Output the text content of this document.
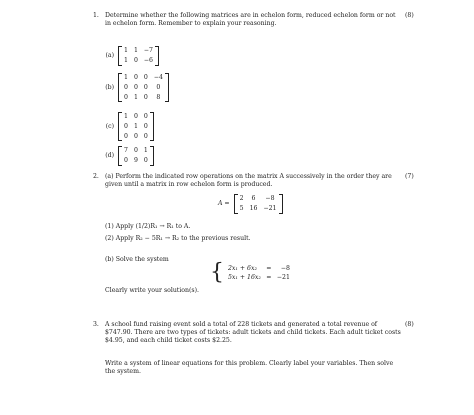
1. Determine whether the following matrices are in echelon form, reduced echelon form or not in echelon form. Remember to explain your reasoning.
(8)
(a)
1 1 −7
1 0 −6
(b)
1 0 0 −4
0 0 0	0
0 1 0	8
(c)
1 0 0
0 1 0
0 0 0
(d)
7 0 1
0 9 0
2. (a) Perform the indicated row operations on the matrix A successively in the order they are given until a matrix in row echelon form is produced.
(7)
A =
2	6	−8
5 16 −21
(1) Apply (1/2)R₁ → R₁ to A.
(2) Apply R₂ − 5R₁ → R₂ to the previous result.
(b) Solve the system
{ 2x₁ + 6x₂	=	−8
5x₁ + 16x₂ = −21
Clearly write your solution(s).
3. A school fund raising event sold a total of 228 tickets and generated a total revenue of $747.90. There are two types of tickets: adult tickets and child tickets. Each adult ticket costs $4.95, and each child ticket costs $2.25.
(8)
Write a system of linear equations for this problem. Clearly label your variables. Then solve the system.
